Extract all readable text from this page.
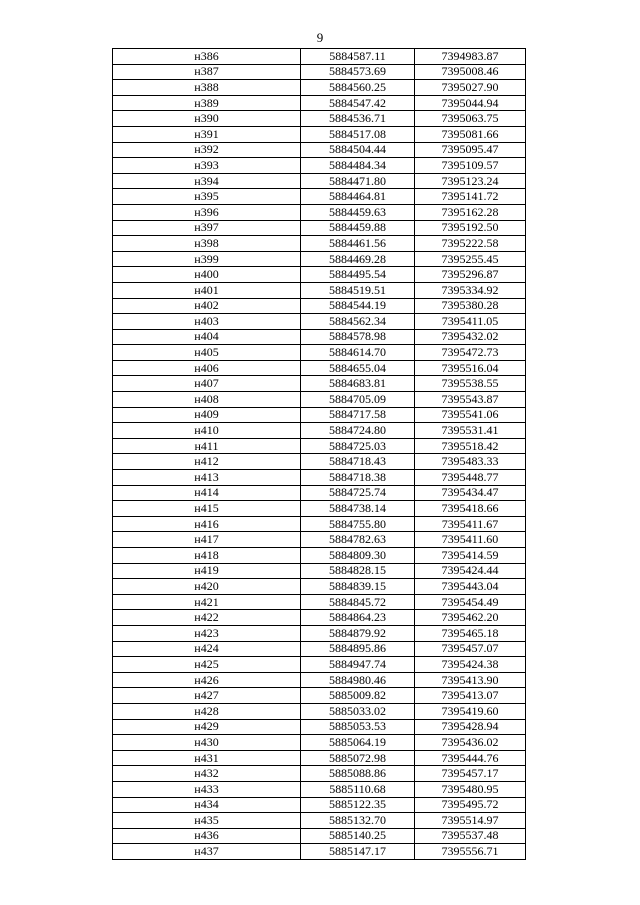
9
н386	5884587.11	7394983.87
н387	5884573.69	7395008.46
н388	5884560.25	7395027.90
н389	5884547.42	7395044.94
н390	5884536.71	7395063.75
н391	5884517.08	7395081.66
н392	5884504.44	7395095.47
н393	5884484.34	7395109.57
н394	5884471.80	7395123.24
н395	5884464.81	7395141.72
н396	5884459.63	7395162.28
н397	5884459.88	7395192.50
н398	5884461.56	7395222.58
н399	5884469.28	7395255.45
н400	5884495.54	7395296.87
н401	5884519.51	7395334.92
н402	5884544.19	7395380.28
н403	5884562.34	7395411.05
н404	5884578.98	7395432.02
н405	5884614.70	7395472.73
н406	5884655.04	7395516.04
н407	5884683.81	7395538.55
н408	5884705.09	7395543.87
н409	5884717.58	7395541.06
н410	5884724.80	7395531.41
н411	5884725.03	7395518.42
н412	5884718.43	7395483.33
н413	5884718.38	7395448.77
н414	5884725.74	7395434.47
н415	5884738.14	7395418.66
н416	5884755.80	7395411.67
н417	5884782.63	7395411.60
н418	5884809.30	7395414.59
н419	5884828.15	7395424.44
н420	5884839.15	7395443.04
н421	5884845.72	7395454.49
н422	5884864.23	7395462.20
н423	5884879.92	7395465.18
н424	5884895.86	7395457.07
н425	5884947.74	7395424.38
н426	5884980.46	7395413.90
н427	5885009.82	7395413.07
н428	5885033.02	7395419.60
н429	5885053.53	7395428.94
н430	5885064.19	7395436.02
н431	5885072.98	7395444.76
н432	5885088.86	7395457.17
н433	5885110.68	7395480.95
н434	5885122.35	7395495.72
н435	5885132.70	7395514.97
н436	5885140.25	7395537.48
н437	5885147.17	7395556.71
